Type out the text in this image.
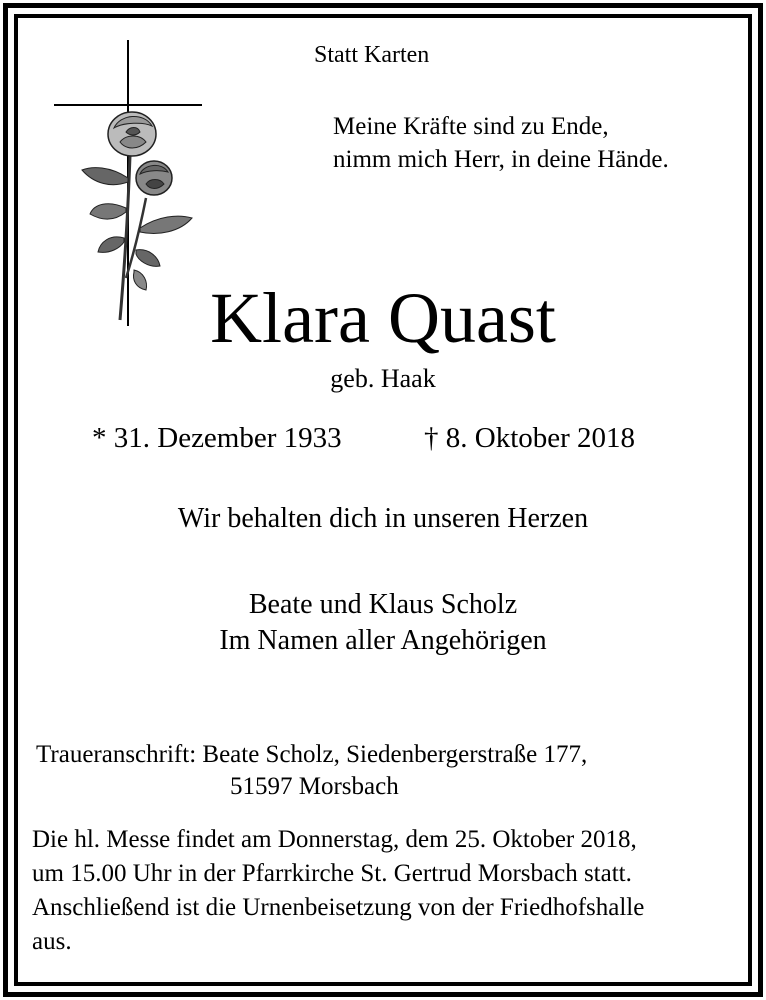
Statt Karten
Meine Kräfte sind zu Ende,
nimm mich Herr, in deine Hände.
Klara Quast
geb. Haak
* 31. Dezember 1933	† 8. Oktober 2018
Wir behalten dich in unseren Herzen
Beate und Klaus Scholz
Im Namen aller Angehörigen
Traueranschrift: Beate Scholz, Siedenbergerstraße 177,
51597 Morsbach
Die hl. Messe findet am Donnerstag, dem 25. Oktober 2018,
um 15.00 Uhr in der Pfarrkirche St. Gertrud Morsbach statt.
Anschließend ist die Urnenbeisetzung von der Friedhofshalle
aus.
